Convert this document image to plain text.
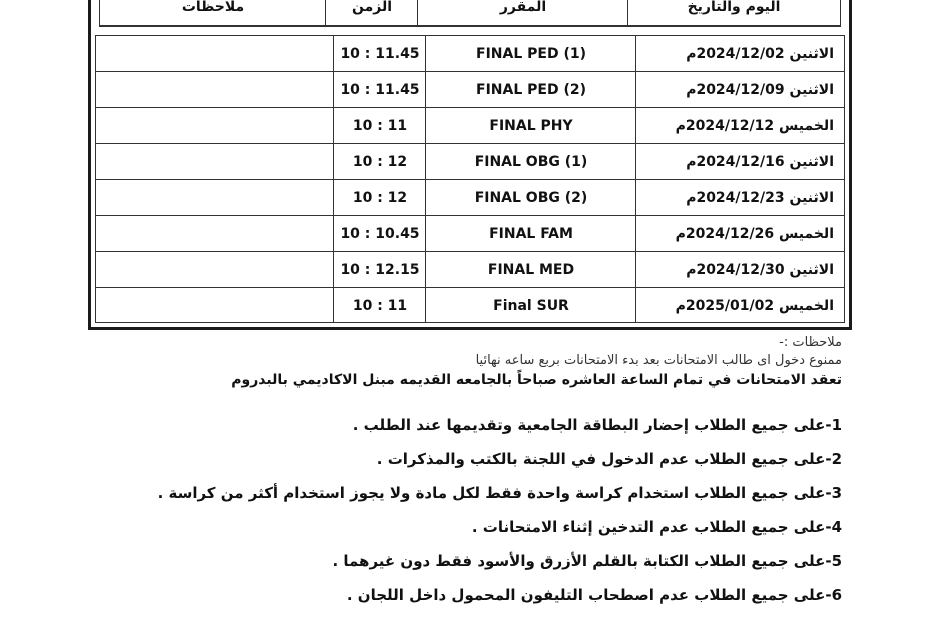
اليوم والتاريخ
المقرر
الزمن
ملاحظات
الاثنين 2024/12/02م
FINAL PED (1)
10 : 11.45
الاثنين 2024/12/09م
FINAL PED (2)
10 : 11.45
الخميس 2024/12/12م
FINAL PHY
10 : 11
الاثنين 2024/12/16م
FINAL OBG (1)
10 : 12
الاثنين 2024/12/23م
FINAL OBG (2)
10 : 12
الخميس 2024/12/26م
FINAL FAM
10 : 10.45
الاثنين 2024/12/30م
FINAL MED
10 : 12.15
الخميس 2025/01/02م
Final SUR
10 : 11
ملاحظات :-
ممنوع دخول اى طالب الامتحانات بعد بدء الامتحانات بربع ساعه نهائيا
تعقد الامتحانات في تمام الساعة العاشره صباحاً بالجامعه القديمه مبنل الاكاديمي بالبدروم
1-على جميع الطلاب إحضار البطاقة الجامعية وتقديمها عند الطلب .
2-على جميع الطلاب عدم الدخول في اللجنة بالكتب والمذكرات .
3-على جميع الطلاب استخدام كراسة واحدة فقط لكل مادة ولا يجوز استخدام أكثر من كراسة .
4-على جميع الطلاب عدم التدخين إثناء الامتحانات .
5-على جميع الطلاب الكتابة بالقلم الأزرق والأسود فقط دون غيرهما .
6-على جميع الطلاب عدم اصطحاب التليفون المحمول داخل اللجان .
